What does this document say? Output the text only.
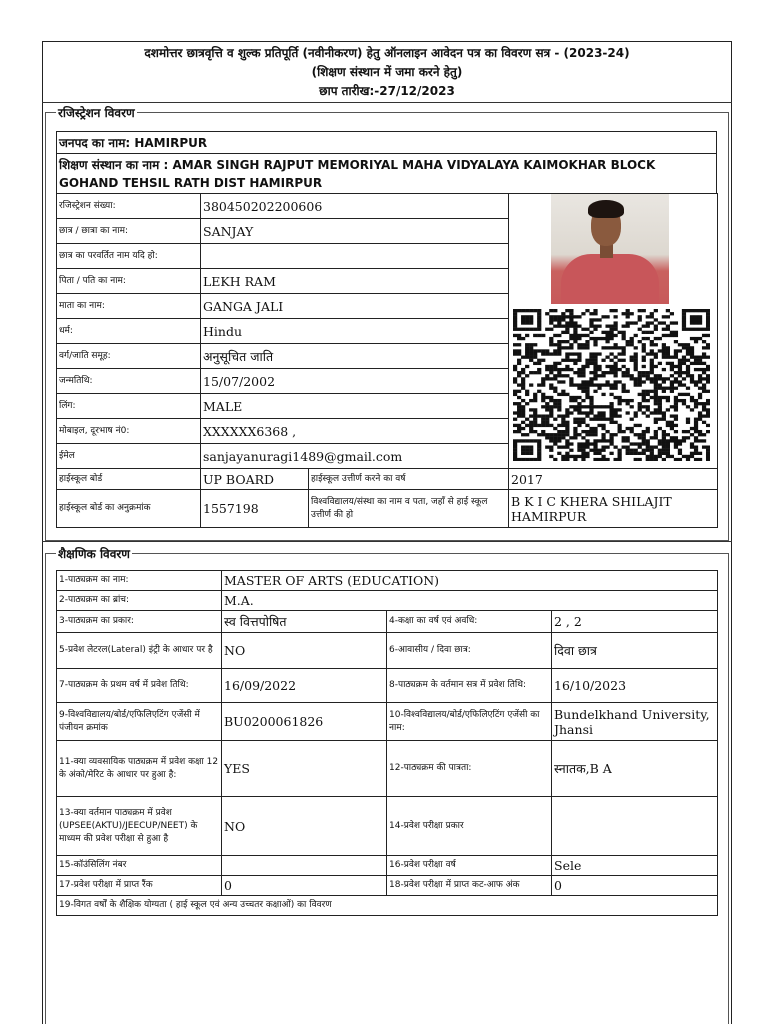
दशमोत्तर छात्रवृत्ति व शुल्क प्रतिपूर्ति (नवीनीकरण) हेतु ऑनलाइन आवेदन पत्र का विवरण सत्र - (2023-24)
(शिक्षण संस्थान में जमा करने हेतु)
छाप तारीख:-27/12/2023
रजिस्ट्रेशन विवरण
जनपद का नाम: HAMIRPUR
शिक्षण संस्थान का नाम : AMAR SINGH RAJPUT MEMORIYAL MAHA VIDYALAYA KAIMOKHAR BLOCK GOHAND TEHSIL RATH DIST HAMIRPUR
रजिस्ट्रेशन संख्या:	380450202200606		
छात्र / छात्रा का नाम:	SANJAY		
छात्र का परवर्तित नाम यदि हो:			
पिता / पति का नाम:	LEKH RAM		
माता का नाम:	GANGA JALI		
धर्म:	Hindu		
वर्ग/जाति समूह:	अनुसूचित जाति		
जन्मतिथि:	15/07/2002		
लिंग:	MALE		
मोबाइल, दूरभाष नं0:	XXXXXX6368 ,		
ईमेल	sanjayanuragi1489@gmail.com		
हाईस्कूल बोर्ड	UP BOARD	हाईस्कूल उत्तीर्ण करने का वर्ष	2017
हाईस्कूल बोर्ड का अनुक्रमांक	1557198	विश्वविद्यालय/संस्था का नाम व पता, जहाँ से हाई स्कूल उत्तीर्ण की हो	B K I C KHERA SHILAJIT HAMIRPUR
शैक्षणिक विवरण
1-पाठ्यक्रम का नाम:	MASTER OF ARTS (EDUCATION)		
2-पाठ्यक्रम का ब्रांच:	M.A.		
3-पाठ्यक्रम का प्रकार:	स्व वित्तपोषित	4-कक्षा का वर्ष एवं अवधि:	2 , 2
5-प्रवेश लेटरल(Lateral) इंट्री के आधार पर है	NO	6-आवासीय / दिवा छात्र:	दिवा छात्र
7-पाठ्यक्रम के प्रथम वर्ष में प्रवेश तिथि:	16/09/2022	8-पाठ्यक्रम के वर्तमान सत्र में प्रवेश तिथि:	16/10/2023
9-विश्वविद्यालय/बोर्ड/एफिलिएटिंग एजेंसी में पंजीयन क्रमांक	BU0200061826	10-विश्वविद्यालय/बोर्ड/एफिलिएटिंग एजेंसी का नाम:	Bundelkhand University, Jhansi
11-क्या व्यवसायिक पाठ्यक्रम में प्रवेश कक्षा 12 के अंको/मेरिट के आधार पर हुआ है:	YES	12-पाठ्यक्रम की पात्रता:	स्नातक,B A
13-क्या वर्तमान पाठ्यक्रम में प्रवेश (UPSEE(AKTU)/JEECUP/NEET) के माध्यम की प्रवेश परीक्षा से हुआ है	NO	14-प्रवेश परीक्षा प्रकार	
15-कॉउंसिलिंग नंबर		16-प्रवेश परीक्षा वर्ष	Sele
17-प्रवेश परीक्षा में प्राप्त रैंक	0	18-प्रवेश परीक्षा में प्राप्त कट-आफ अंक	0
19-विगत वर्षों के शैक्षिक योग्यता ( हाई स्कूल एवं अन्य उच्चतर कक्षाओं) का विवरण			
